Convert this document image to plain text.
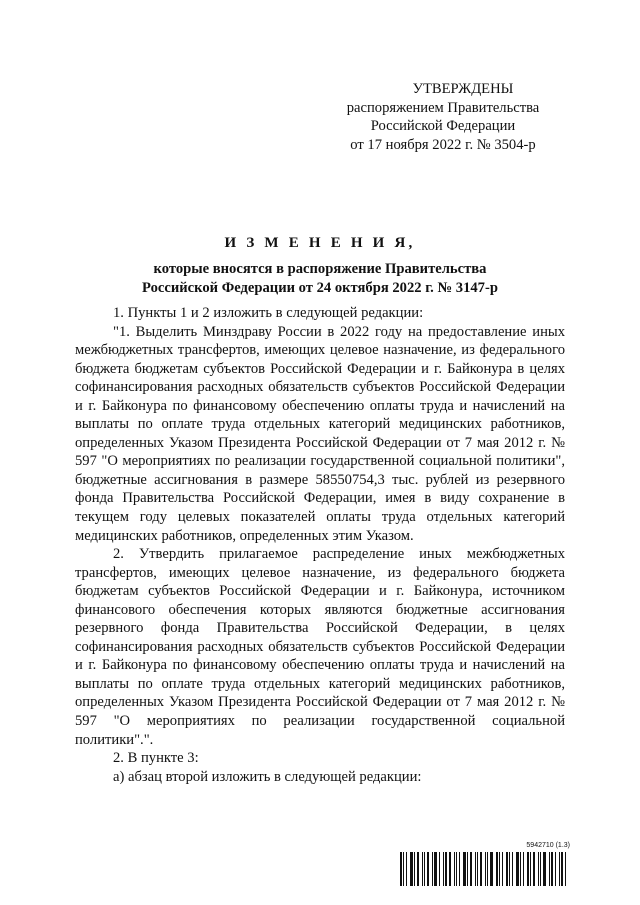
УТВЕРЖДЕНЫ
распоряжением Правительства
Российской Федерации
от 17 ноября 2022 г. № 3504-р
И З М Е Н Е Н И Я,
которые вносятся в распоряжение Правительства
Российской Федерации от 24 октября 2022 г. № 3147-р

1. Пункты 1 и 2 изложить в следующей редакции:

"1. Выделить Минздраву России в 2022 году на предоставление иных межбюджетных трансфертов, имеющих целевое назначение, из федерального бюджета бюджетам субъектов Российской Федерации и г. Байконура в целях софинансирования расходных обязательств субъектов Российской Федерации и г. Байконура по финансовому обеспечению оплаты труда и начислений на выплаты по оплате труда отдельных категорий медицинских работников, определенных Указом Президента Российской Федерации от 7 мая 2012 г. № 597 "О мероприятиях по реализации государственной социальной политики", бюджетные ассигнования в размере 58550754,3 тыс. рублей из резервного фонда Правительства Российской Федерации, имея в виду сохранение в текущем году целевых показателей оплаты труда отдельных категорий медицинских работников, определенных этим Указом.

2. Утвердить прилагаемое распределение иных межбюджетных трансфертов, имеющих целевое назначение, из федерального бюджета бюджетам субъектов Российской Федерации и г. Байконура, источником финансового обеспечения которых являются бюджетные ассигнования резервного фонда Правительства Российской Федерации, в целях софинансирования расходных обязательств субъектов Российской Федерации и г. Байконура по финансовому обеспечению оплаты труда и начислений на выплаты по оплате труда отдельных категорий медицинских работников, определенных Указом Президента Российской Федерации от 7 мая 2012 г. № 597 "О мероприятиях по реализации государственной социальной политики".".

2. В пункте 3:

а) абзац второй изложить в следующей редакции:

5942710 (1.3)
